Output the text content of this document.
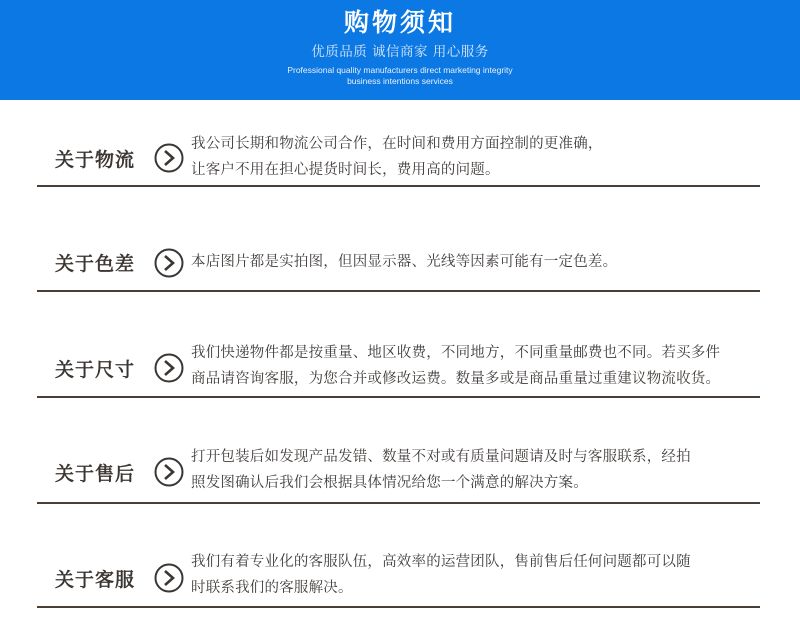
购物须知
优质品质 诚信商家 用心服务
Professional quality manufacturers direct marketing integrity
business intentions services
关于物流
我公司长期和物流公司合作，在时间和费用方面控制的更准确，
让客户不用在担心提货时间长，费用高的问题。
关于色差	本店图片都是实拍图，但因显示器、光线等因素可能有一定色差。
关于尺寸
我们快递物件都是按重量、地区收费，不同地方，不同重量邮费也不同。若买多件
商品请咨询客服，为您合并或修改运费。数量多或是商品重量过重建议物流收货。
关于售后
打开包装后如发现产品发错、数量不对或有质量问题请及时与客服联系，经拍
照发图确认后我们会根据具体情况给您一个满意的解决方案。
关于客服
我们有着专业化的客服队伍，高效率的运营团队，售前售后任何问题都可以随
时联系我们的客服解决。
